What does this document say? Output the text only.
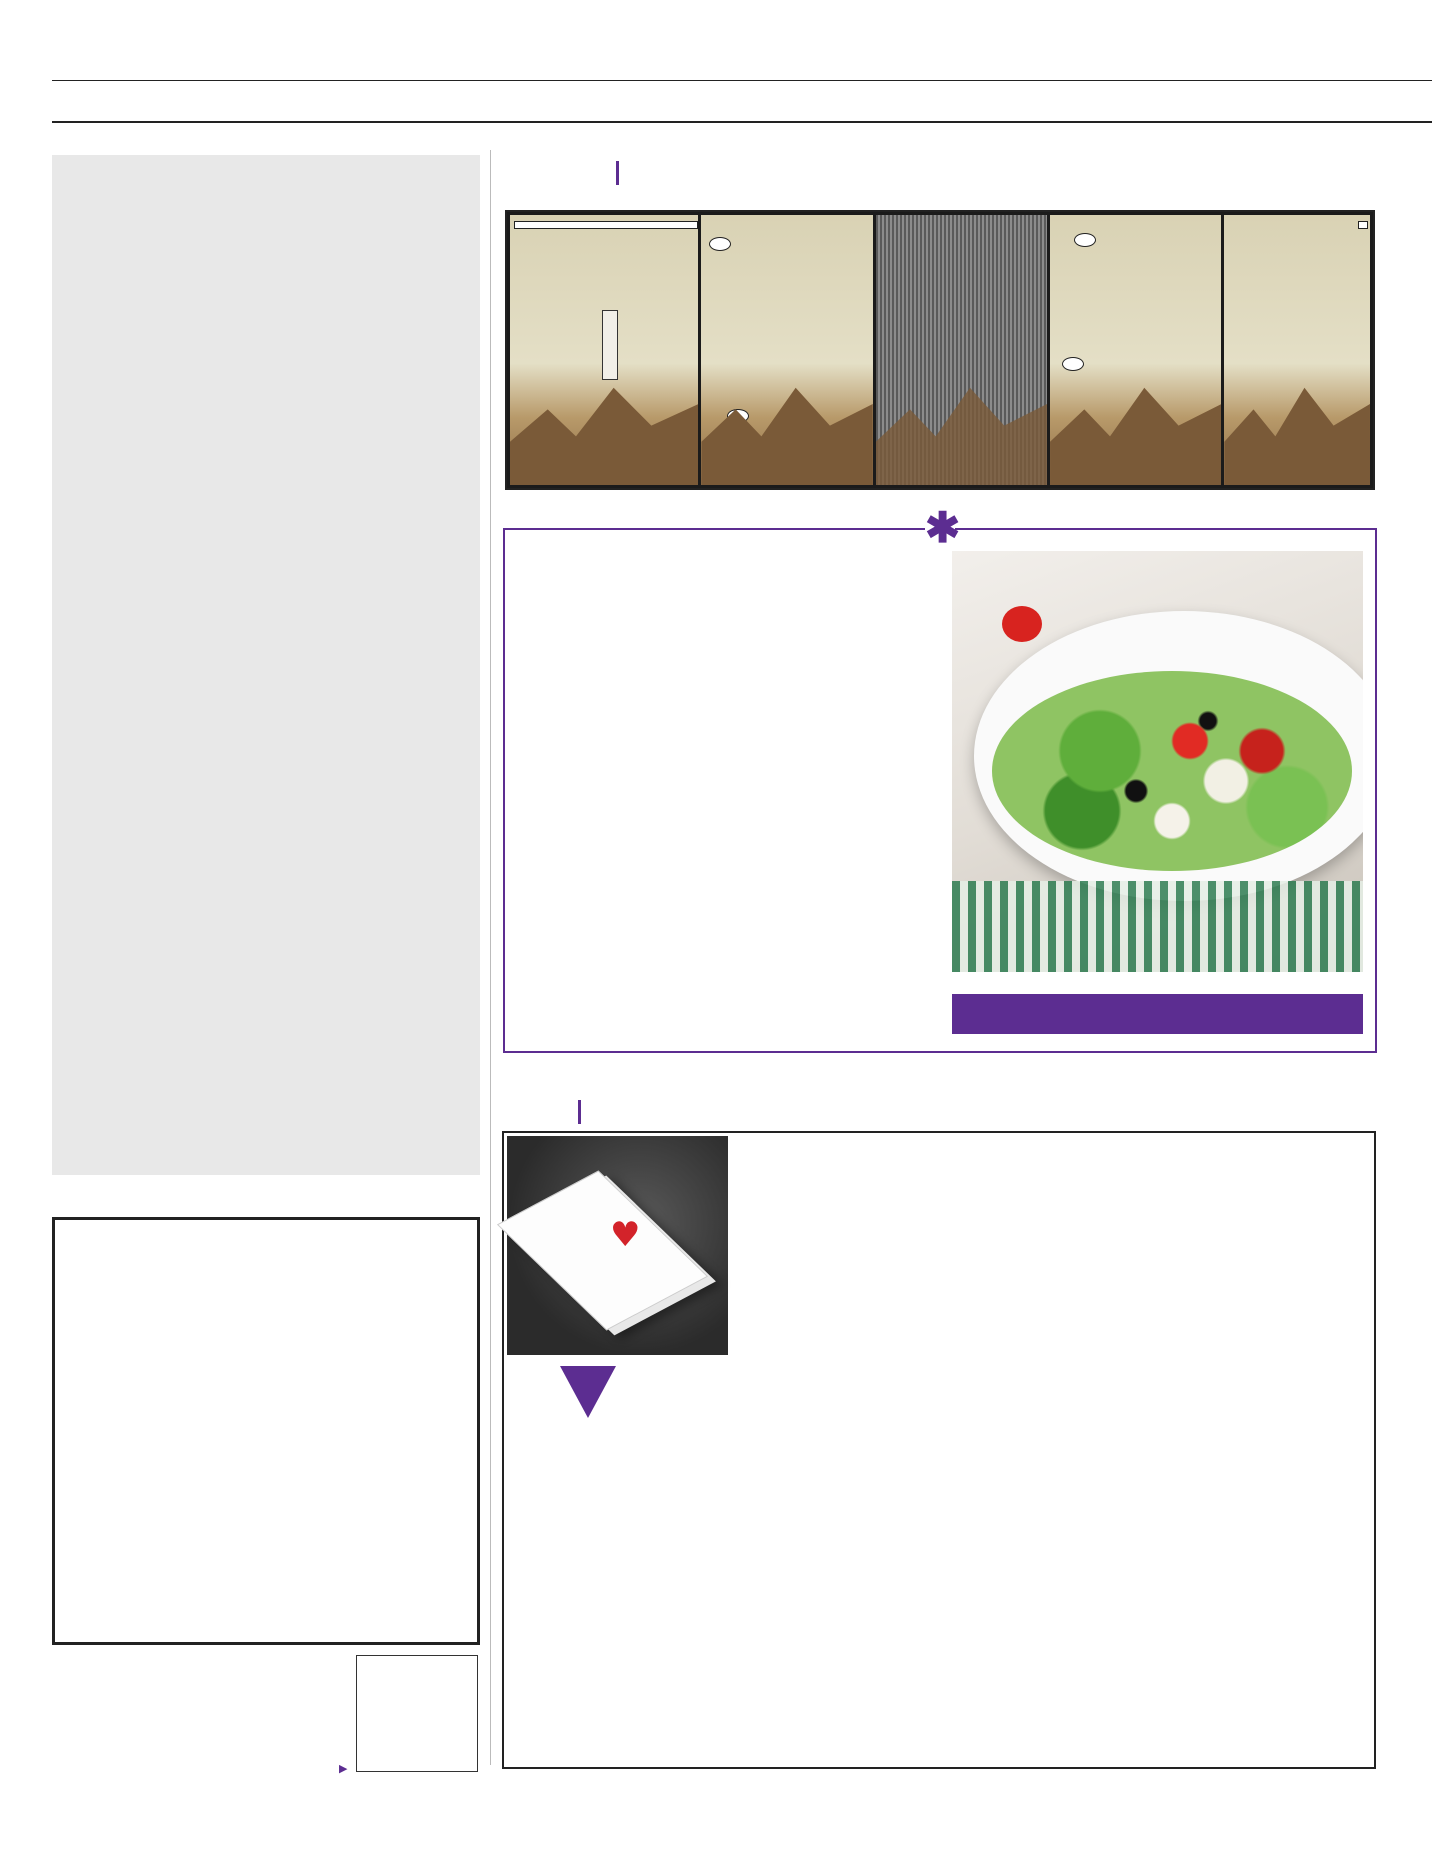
▶
✱
♥
